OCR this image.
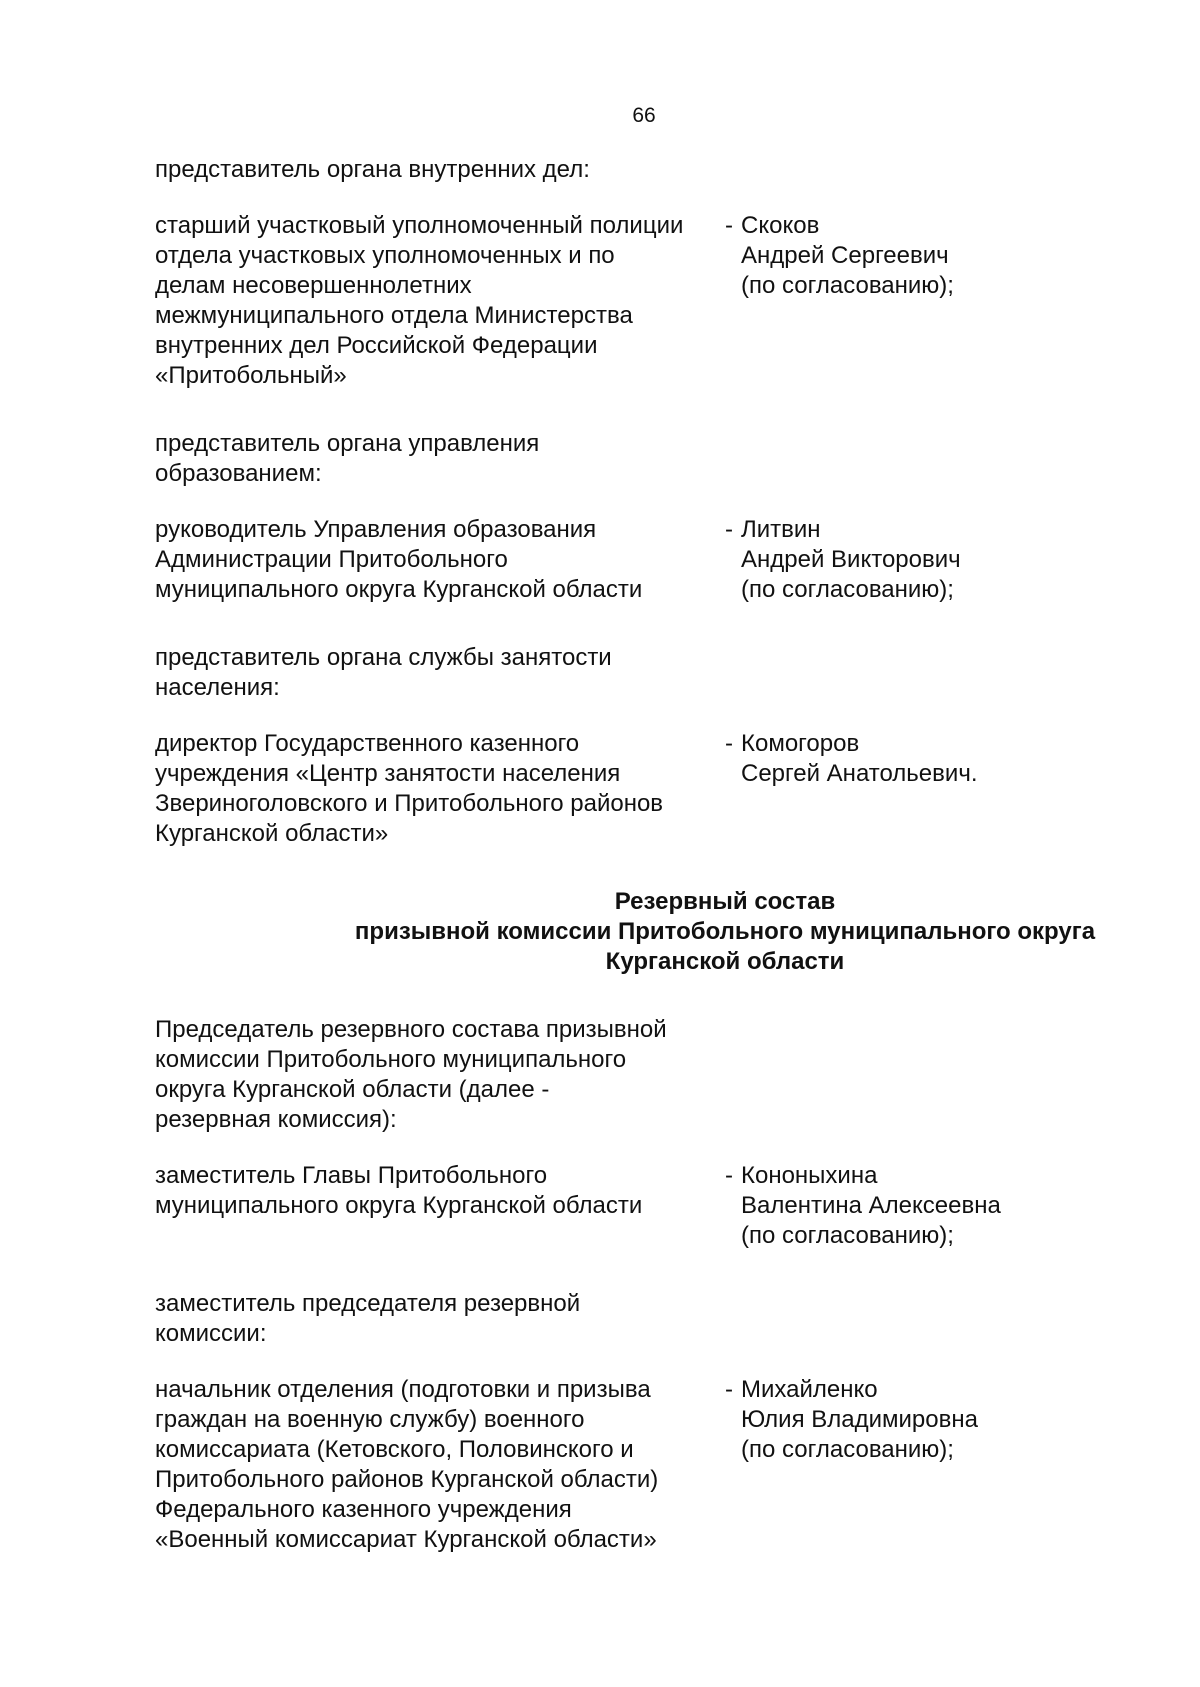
66
представитель органа внутренних дел:
старший участковый уполномоченный полиции
отдела участковых уполномоченных и по
делам несовершеннолетних
межмуниципального отдела Министерства
внутренних дел Российской Федерации
«Притобольный»
- Скоков
Андрей Сергеевич
(по согласованию);
представитель органа управления
образованием:
руководитель Управления образования
Администрации Притобольного
муниципального округа Курганской области
- Литвин
Андрей Викторович
(по согласованию);
представитель органа службы занятости
населения:
директор Государственного казенного
учреждения «Центр занятости населения
Звериноголовского и Притобольного районов
Курганской области»
- Комогоров
Сергей Анатольевич.
Резервный состав
призывной комиссии Притобольного муниципального округа
Курганской области
Председатель резервного состава призывной
комиссии Притобольного муниципального
округа Курганской области (далее -
резервная комиссия):
заместитель Главы Притобольного
муниципального округа Курганской области
- Кононыхина
Валентина Алексеевна
(по согласованию);
заместитель председателя резервной
комиссии:
начальник отделения (подготовки и призыва
граждан на военную службу) военного
комиссариата (Кетовского, Половинского и
Притобольного районов Курганской области)
Федерального казенного учреждения
«Военный комиссариат Курганской области»
- Михайленко
Юлия Владимировна
(по согласованию);
